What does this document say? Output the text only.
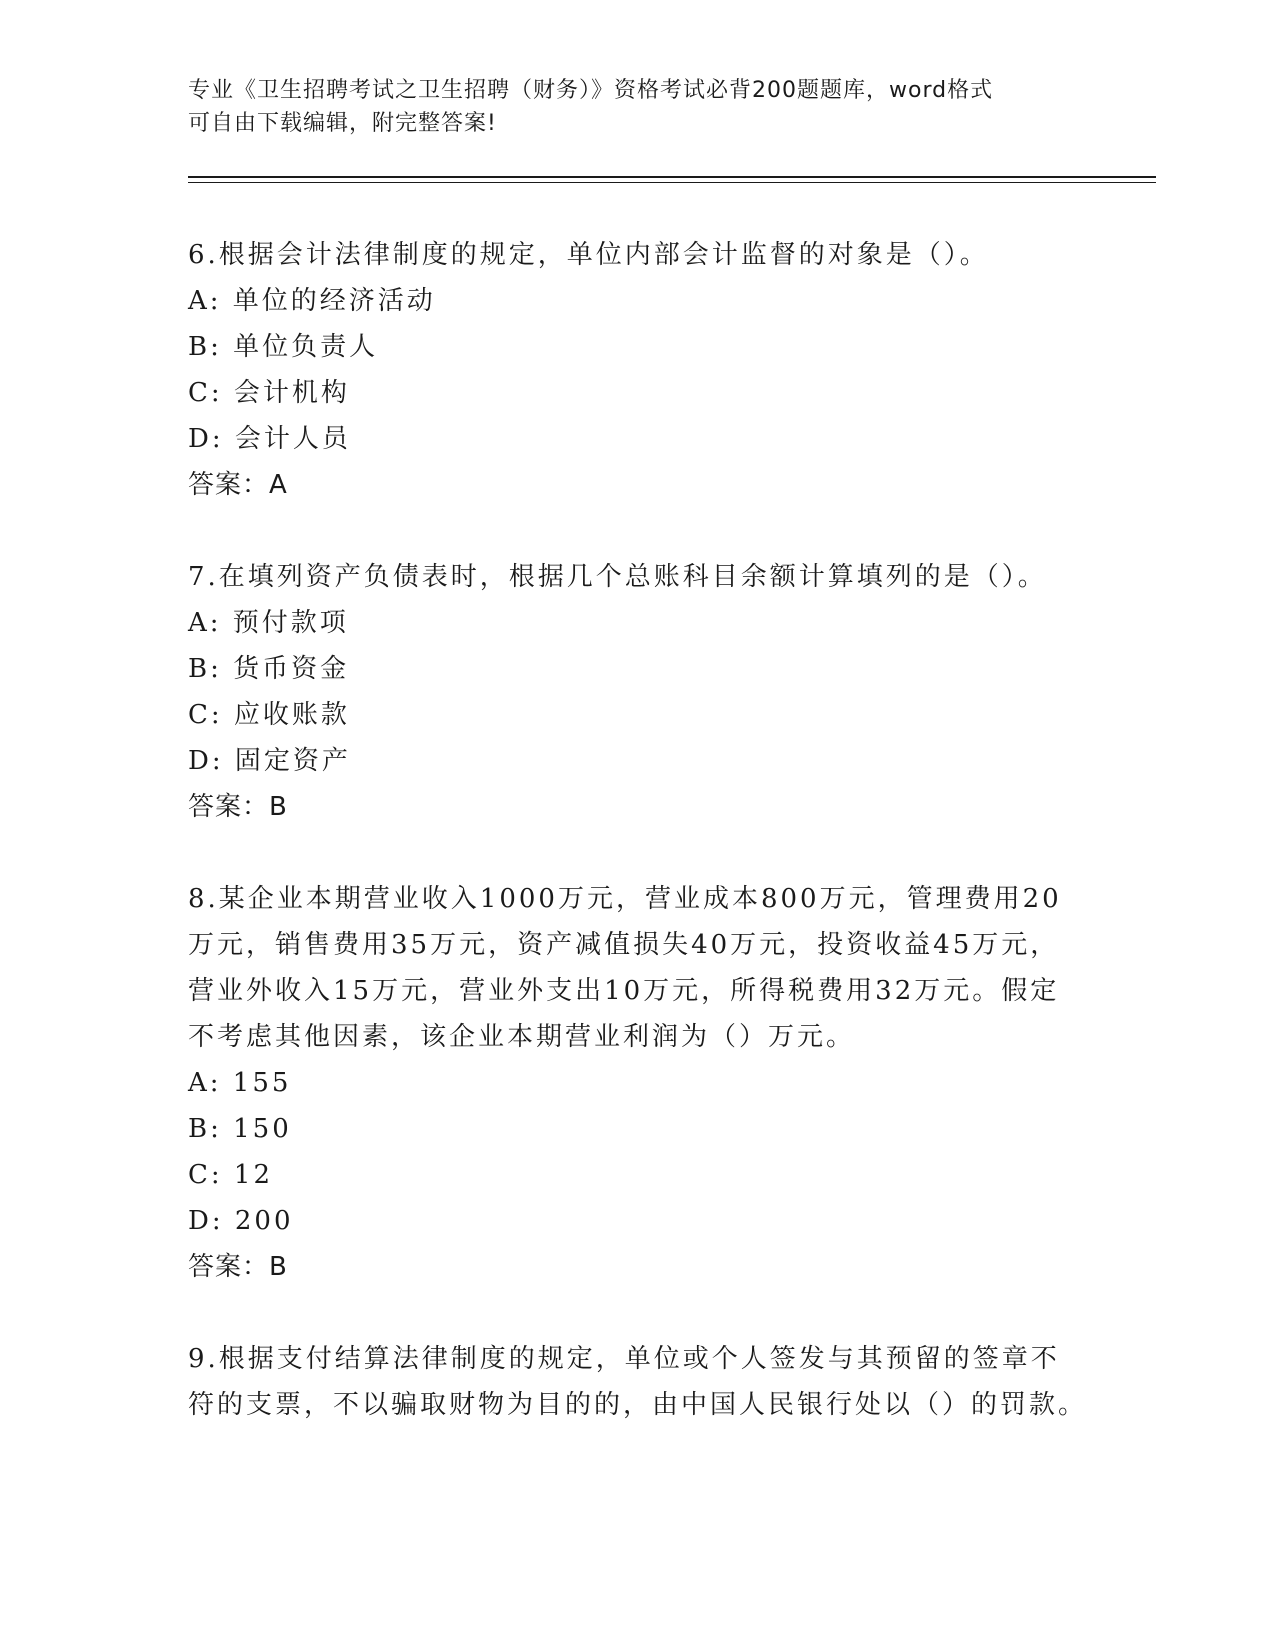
专业《卫生招聘考试之卫生招聘（财务）》资格考试必背200题题库，word格式
可自由下载编辑，附完整答案!

6.根据会计法律制度的规定，单位内部会计监督的对象是（）。

A: 单位的经济活动

B: 单位负责人

C: 会计机构

D: 会计人员

答案：A

7.在填列资产负债表时，根据几个总账科目余额计算填列的是（）。

A: 预付款项

B: 货币资金

C: 应收账款

D: 固定资产

答案：B

8.某企业本期营业收入1000万元，营业成本800万元，管理费用20万元，销售费用35万元，资产减值损失40万元，投资收益45万元，营业外收入15万元，营业外支出10万元，所得税费用32万元。假定不考虑其他因素，该企业本期营业利润为（）万元。

A: 155

B: 150

C: 12

D: 200

答案：B

9.根据支付结算法律制度的规定，单位或个人签发与其预留的签章不符的支票，不以骗取财物为目的的，由中国人民银行处以（）的罚款。
